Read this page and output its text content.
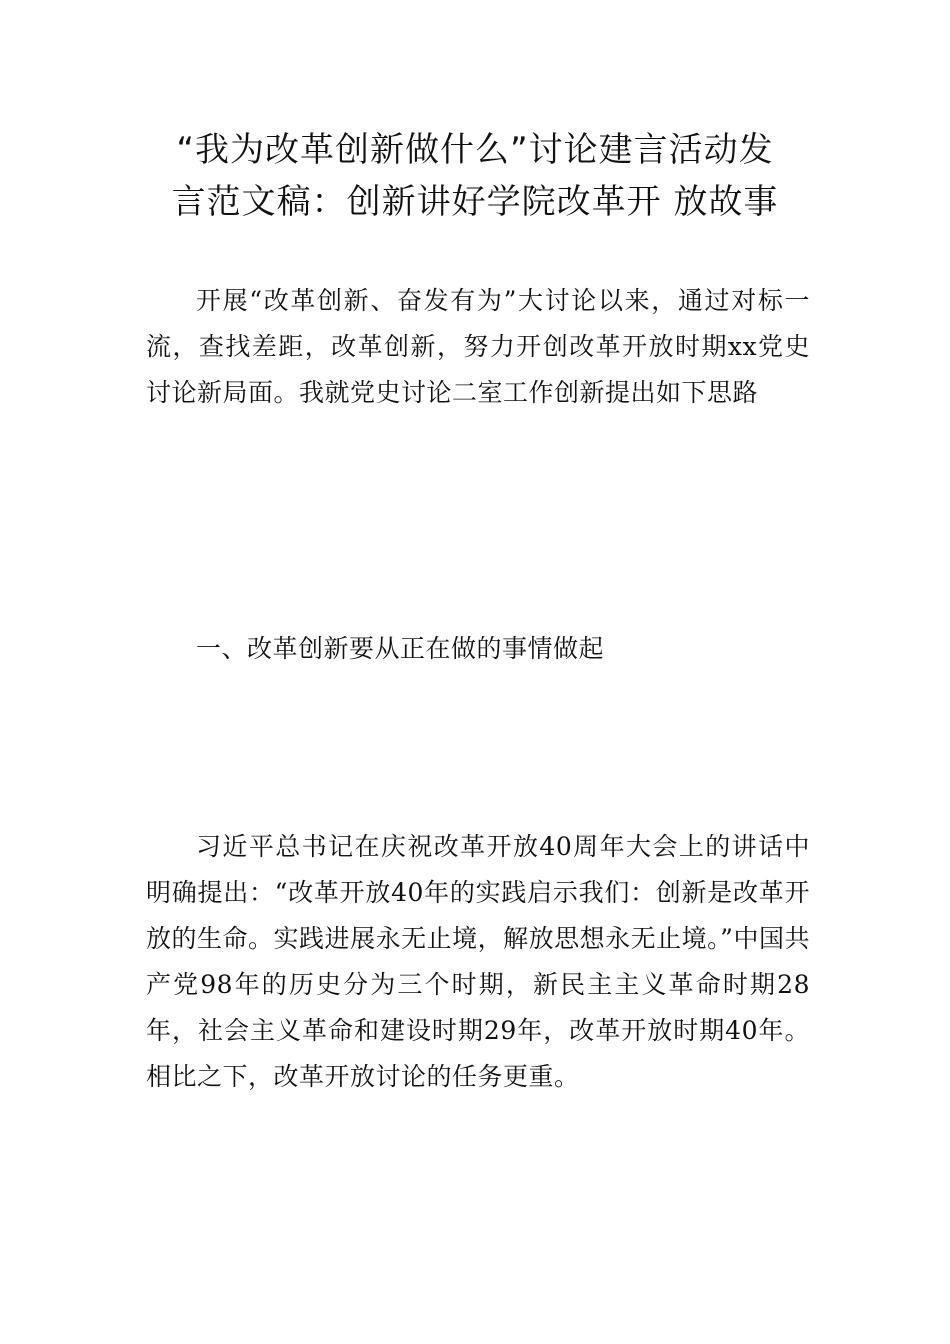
“我为改革创新做什么”讨论建言活动发
言范文稿：创新讲好学院改革开 放故事

开展“改革创新、奋发有为”大讨论以来，通过对标一流，查找差距，改革创新，努力开创改革开放时期xx党史讨论新局面。我就党史讨论二室工作创新提出如下思路

一、改革创新要从正在做的事情做起

习近平总书记在庆祝改革开放40周年大会上的讲话中明确提出：“改革开放40年的实践启示我们：创新是改革开放的生命。实践进展永无止境，解放思想永无止境。”中国共产党98年的历史分为三个时期，新民主主义革命时期28年，社会主义革命和建设时期29年，改革开放时期40年。相比之下，改革开放讨论的任务更重。
